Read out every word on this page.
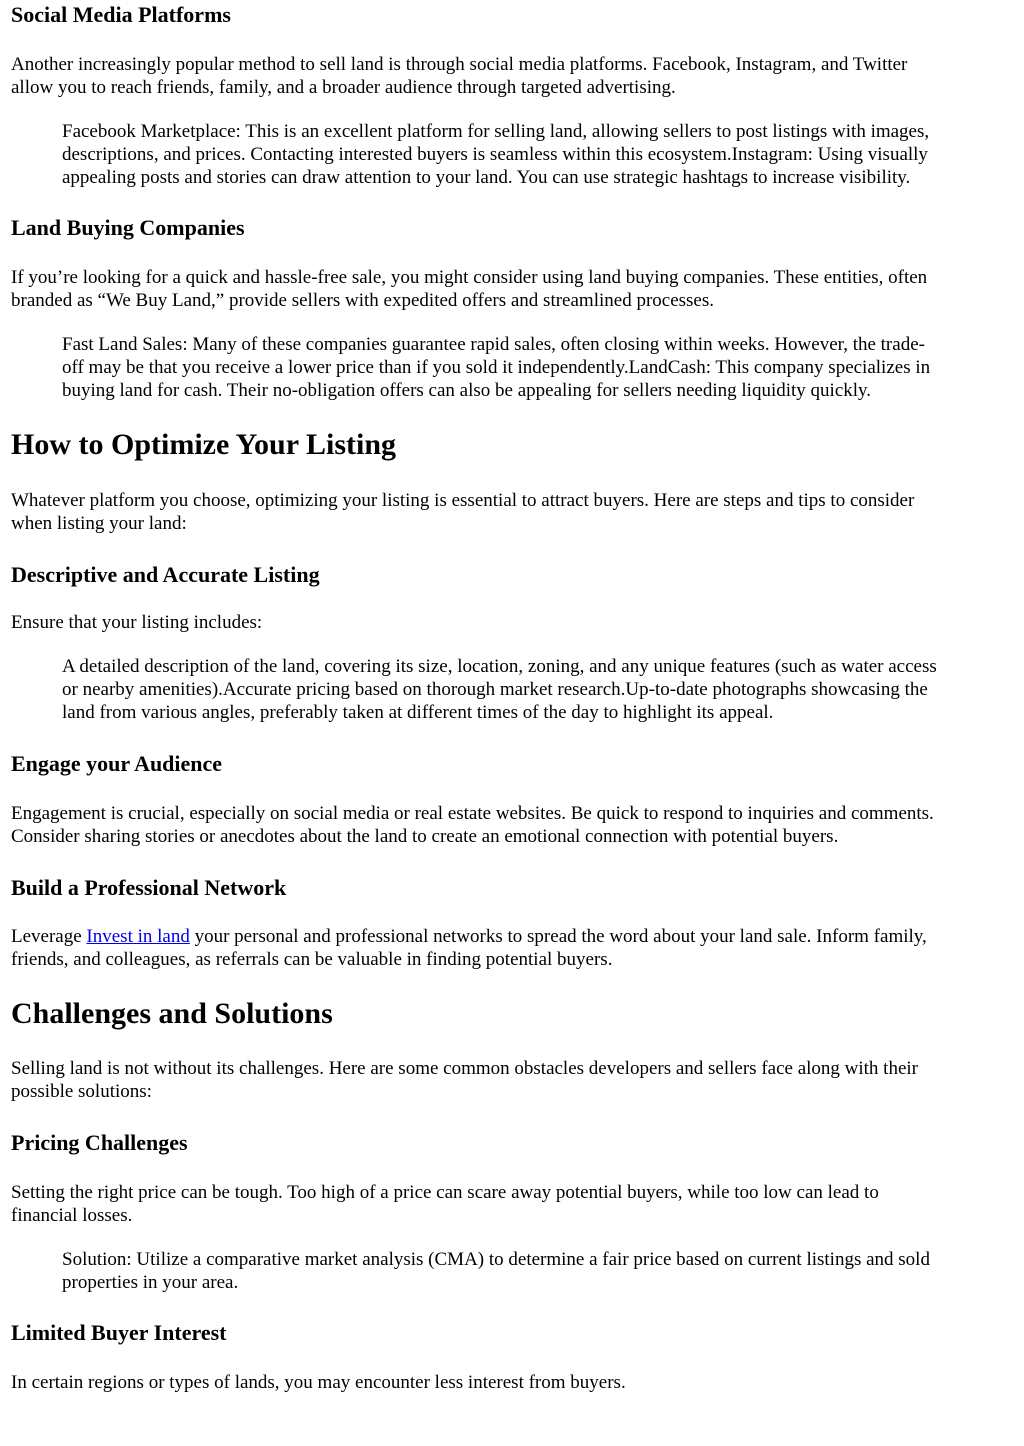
Social Media Platforms

Another increasingly popular method to sell land is through social media platforms. Facebook, Instagram, and Twitter
allow you to reach friends, family, and a broader audience through targeted advertising.

Facebook Marketplace: This is an excellent platform for selling land, allowing sellers to post listings with images,
descriptions, and prices. Contacting interested buyers is seamless within this ecosystem.Instagram: Using visually
appealing posts and stories can draw attention to your land. You can use strategic hashtags to increase visibility.
Land Buying Companies

If you’re looking for a quick and hassle-free sale, you might consider using land buying companies. These entities, often
branded as “We Buy Land,” provide sellers with expedited offers and streamlined processes.

Fast Land Sales: Many of these companies guarantee rapid sales, often closing within weeks. However, the trade-
off may be that you receive a lower price than if you sold it independently.LandCash: This company specializes in
buying land for cash. Their no-obligation offers can also be appealing for sellers needing liquidity quickly.
How to Optimize Your Listing

Whatever platform you choose, optimizing your listing is essential to attract buyers. Here are steps and tips to consider
when listing your land:

Descriptive and Accurate Listing

Ensure that your listing includes:

A detailed description of the land, covering its size, location, zoning, and any unique features (such as water access
or nearby amenities).Accurate pricing based on thorough market research.Up-to-date photographs showcasing the
land from various angles, preferably taken at different times of the day to highlight its appeal.
Engage your Audience

Engagement is crucial, especially on social media or real estate websites. Be quick to respond to inquiries and comments.
Consider sharing stories or anecdotes about the land to create an emotional connection with potential buyers.

Build a Professional Network

Leverage Invest in land your personal and professional networks to spread the word about your land sale. Inform family,
friends, and colleagues, as referrals can be valuable in finding potential buyers.

Challenges and Solutions

Selling land is not without its challenges. Here are some common obstacles developers and sellers face along with their
possible solutions:

Pricing Challenges

Setting the right price can be tough. Too high of a price can scare away potential buyers, while too low can lead to
financial losses.

Solution: Utilize a comparative market analysis (CMA) to determine a fair price based on current listings and sold
properties in your area.
Limited Buyer Interest

In certain regions or types of lands, you may encounter less interest from buyers.
